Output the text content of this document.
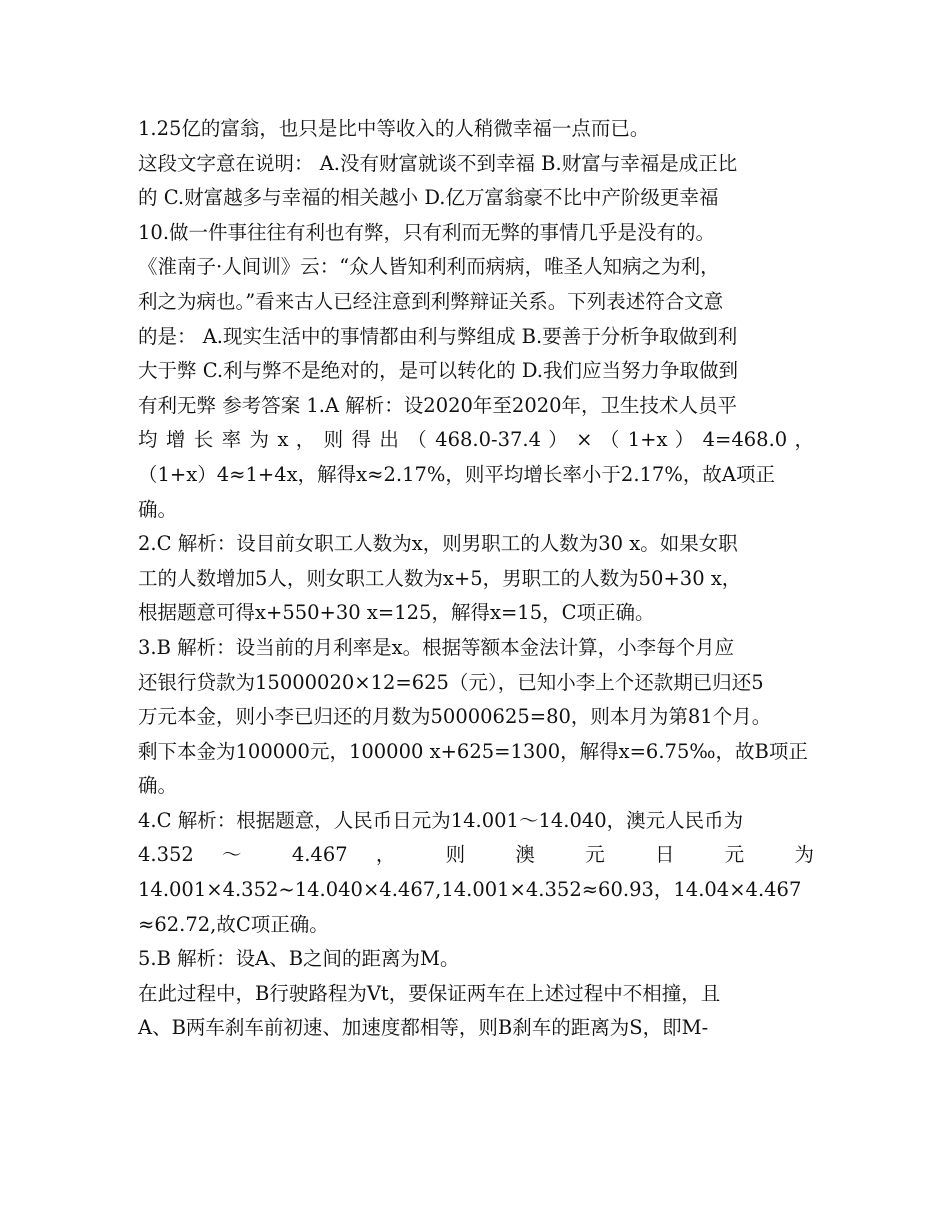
1.25亿的富翁，也只是比中等收入的人稍微幸福一点而已。
这段文字意在说明： A.没有财富就谈不到幸福 B.财富与幸福是成正比
的 C.财富越多与幸福的相关越小 D.亿万富翁豪不比中产阶级更幸福
10.做一件事往往有利也有弊，只有利而无弊的事情几乎是没有的。
《淮南子·人间训》云：“众人皆知利利而病病，唯圣人知病之为利，
利之为病也。”看来古人已经注意到利弊辩证关系。下列表述符合文意
的是： A.现实生活中的事情都由利与弊组成 B.要善于分析争取做到利
大于弊 C.利与弊不是绝对的，是可以转化的 D.我们应当努力争取做到
有利无弊 参考答案 1.A 解析：设2020年至2020年，卫生技术人员平
均 增 长 率 为 x ， 则 得 出 （ 468.0-37.4 ） × （ 1+x ） 4=468.0 ，
（1+x）4≈1+4x，解得x≈2.17%，则平均增长率小于2.17%，故A项正
确。
2.C 解析：设目前女职工人数为x，则男职工的人数为30 x。如果女职
工的人数增加5人，则女职工人数为x+5，男职工的人数为50+30 x，
根据题意可得x+550+30 x=125，解得x=15，C项正确。
3.B 解析：设当前的月利率是x。根据等额本金法计算，小李每个月应
还银行贷款为15000020×12=625（元），已知小李上个还款期已归还5
万元本金，则小李已归还的月数为50000625=80，则本月为第81个月。
剩下本金为100000元，100000 x+625=1300，解得x=6.75‰，故B项正
确。
4.C 解析：根据题意，人民币日元为14.001～14.040，澳元人民币为
4.352 ～ 4.467 ， 则 澳 元 日 元 为
14.001×4.352~14.040×4.467,14.001×4.352≈60.93，14.04×4.467
≈62.72,故C项正确。
5.B 解析：设A、B之间的距离为M。
在此过程中，B行驶路程为Vt，要保证两车在上述过程中不相撞，且
A、B两车刹车前初速、加速度都相等，则B刹车的距离为S，即M-
